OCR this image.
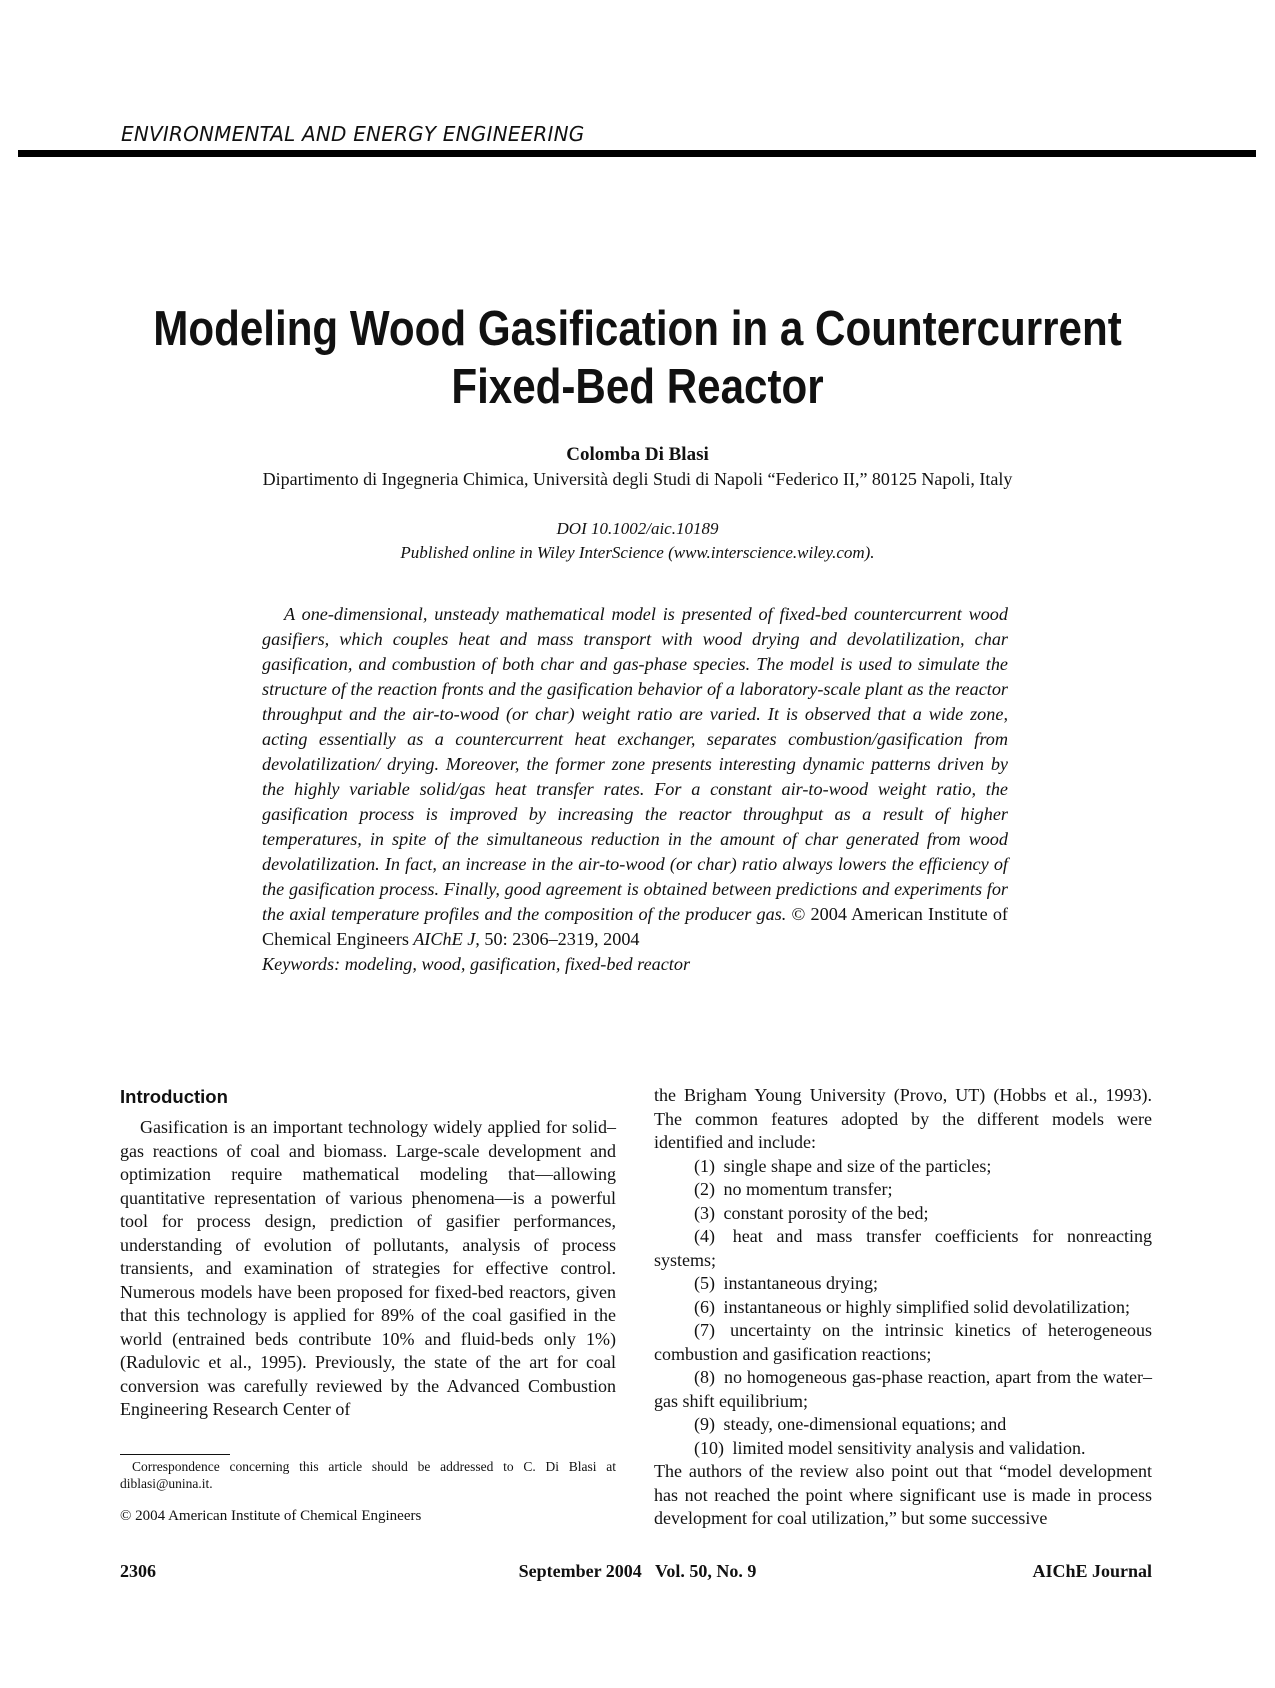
ENVIRONMENTAL AND ENERGY ENGINEERING
Modeling Wood Gasification in a Countercurrent
Fixed-Bed Reactor
Colomba Di Blasi
Dipartimento di Ingegneria Chimica, Università degli Studi di Napoli “Federico II,” 80125 Napoli, Italy
DOI 10.1002/aic.10189
Published online in Wiley InterScience (www.interscience.wiley.com).

A one-dimensional, unsteady mathematical model is presented of fixed-bed countercurrent wood gasifiers, which couples heat and mass transport with wood drying and devolatilization, char gasification, and combustion of both char and gas-phase species. The model is used to simulate the structure of the reaction fronts and the gasification behavior of a laboratory-scale plant as the reactor throughput and the air-to-wood (or char) weight ratio are varied. It is observed that a wide zone, acting essentially as a countercurrent heat exchanger, separates combustion/gasification from devolatilization/ drying. Moreover, the former zone presents interesting dynamic patterns driven by the highly variable solid/gas heat transfer rates. For a constant air-to-wood weight ratio, the gasification process is improved by increasing the reactor throughput as a result of higher temperatures, in spite of the simultaneous reduction in the amount of char generated from wood devolatilization. In fact, an increase in the air-to-wood (or char) ratio always lowers the efficiency of the gasification process. Finally, good agreement is obtained between predictions and experiments for the axial temperature profiles and the composition of the producer gas. © 2004 American Institute of Chemical Engineers AIChE J, 50: 2306–2319, 2004

Keywords: modeling, wood, gasification, fixed-bed reactor
Introduction

Gasification is an important technology widely applied for solid–gas reactions of coal and biomass. Large-scale development and optimization require mathematical modeling that—allowing quantitative representation of various phenomena—is a powerful tool for process design, prediction of gasifier performances, understanding of evolution of pollutants, analysis of process transients, and examination of strategies for effective control. Numerous models have been proposed for fixed-bed reactors, given that this technology is applied for 89% of the coal gasified in the world (entrained beds contribute 10% and fluid-beds only 1%) (Radulovic et al., 1995). Previously, the state of the art for coal conversion was carefully reviewed by the Advanced Combustion Engineering Research Center of

Correspondence concerning this article should be addressed to C. Di Blasi at diblasi@unina.it.
© 2004 American Institute of Chemical Engineers

the Brigham Young University (Provo, UT) (Hobbs et al., 1993). The common features adopted by the different models were identified and include:

(1) single shape and size of the particles;
(2) no momentum transfer;
(3) constant porosity of the bed;
(4) heat and mass transfer coefficients for nonreacting systems;
(5) instantaneous drying;
(6) instantaneous or highly simplified solid devolatilization;
(7) uncertainty on the intrinsic kinetics of heterogeneous combustion and gasification reactions;
(8) no homogeneous gas-phase reaction, apart from the water–gas shift equilibrium;
(9) steady, one-dimensional equations; and
(10) limited model sensitivity analysis and validation.

The authors of the review also point out that “model development has not reached the point where significant use is made in process development for coal utilization,” but some successive

2306	September 2004   Vol. 50, No. 9	AIChE Journal
